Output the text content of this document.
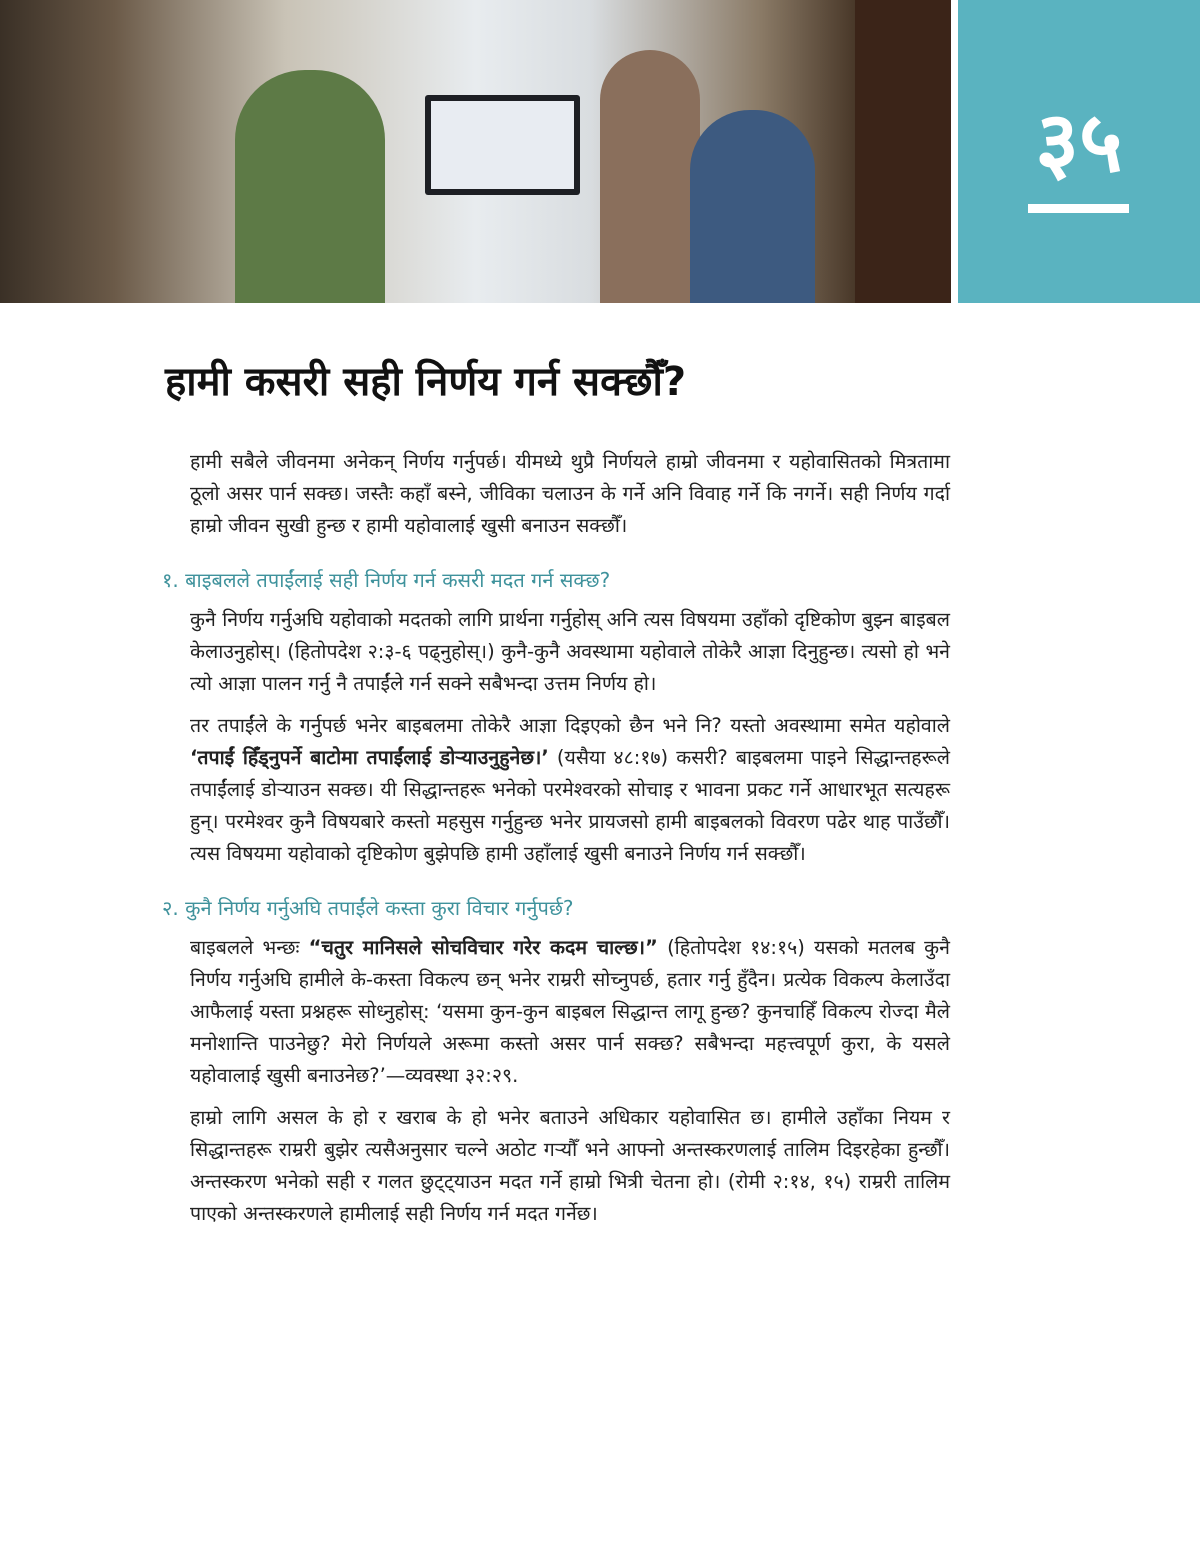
३५
हामी कसरी सही निर्णय गर्न सक्छौँ?

हामी सबैले जीवनमा अनेकन् निर्णय गर्नुपर्छ। यीमध्ये थुप्रै निर्णयले हाम्रो जीवनमा र यहोवासितको मित्रतामा ठूलो असर पार्न सक्छ। जस्तैः कहाँ बस्ने, जीविका चलाउन के गर्ने अनि विवाह गर्ने कि नगर्ने। सही निर्णय गर्दा हाम्रो जीवन सुखी हुन्छ र हामी यहोवालाई खुसी बनाउन सक्छौँ।

१. बाइबलले तपाईंलाई सही निर्णय गर्न कसरी मदत गर्न सक्छ?

कुनै निर्णय गर्नुअघि यहोवाको मदतको लागि प्रार्थना गर्नुहोस् अनि त्यस विषयमा उहाँको दृष्टिकोण बुझ्न बाइबल केलाउनुहोस्। (हितोपदेश २:३-६ पढ्नुहोस्।) कुनै-कुनै अवस्थामा यहोवाले तोकेरै आज्ञा दिनुहुन्छ। त्यसो हो भने त्यो आज्ञा पालन गर्नु नै तपाईंले गर्न सक्ने सबैभन्दा उत्तम निर्णय हो।

तर तपाईंले के गर्नुपर्छ भनेर बाइबलमा तोकेरै आज्ञा दिइएको छैन भने नि? यस्तो अवस्थामा समेत यहोवाले ‘तपाईं हिँड्नुपर्ने बाटोमा तपाईंलाई डोऱ्याउनुहुनेछ।’ (यसैया ४८:१७) कसरी? बाइबलमा पाइने सिद्धान्तहरूले तपाईंलाई डोऱ्याउन सक्छ। यी सिद्धान्तहरू भनेको परमेश्वरको सोचाइ र भावना प्रकट गर्ने आधारभूत सत्यहरू हुन्। परमेश्वर कुनै विषयबारे कस्तो महसुस गर्नुहुन्छ भनेर प्रायजसो हामी बाइबलको विवरण पढेर थाह पाउँछौँ। त्यस विषयमा यहोवाको दृष्टिकोण बुझेपछि हामी उहाँलाई खुसी बनाउने निर्णय गर्न सक्छौँ।

२. कुनै निर्णय गर्नुअघि तपाईंले कस्ता कुरा विचार गर्नुपर्छ?

बाइबलले भन्छः “चतुर मानिसले सोचविचार गरेर कदम चाल्छ।” (हितोपदेश १४:१५) यसको मतलब कुनै निर्णय गर्नुअघि हामीले के-कस्ता विकल्प छन् भनेर राम्ररी सोच्नुपर्छ, हतार गर्नु हुँदैन। प्रत्येक विकल्प केलाउँदा आफैलाई यस्ता प्रश्नहरू सोध्नुहोस्: ‘यसमा कुन-कुन बाइबल सिद्धान्त लागू हुन्छ? कुनचाहिँ विकल्प रोज्दा मैले मनोशान्ति पाउनेछु? मेरो निर्णयले अरूमा कस्तो असर पार्न सक्छ? सबैभन्दा महत्त्वपूर्ण कुरा, के यसले यहोवालाई खुसी बनाउनेछ?’—व्यवस्था ३२:२९.

हाम्रो लागि असल के हो र खराब के हो भनेर बताउने अधिकार यहोवासित छ। हामीले उहाँका नियम र सिद्धान्तहरू राम्ररी बुझेर त्यसैअनुसार चल्ने अठोट गऱ्यौँ भने आफ्नो अन्तस्करणलाई तालिम दिइरहेका हुन्छौँ। अन्तस्करण भनेको सही र गलत छुट्ट्याउन मदत गर्ने हाम्रो भित्री चेतना हो। (रोमी २:१४, १५) राम्ररी तालिम पाएको अन्तस्करणले हामीलाई सही निर्णय गर्न मदत गर्नेछ।
